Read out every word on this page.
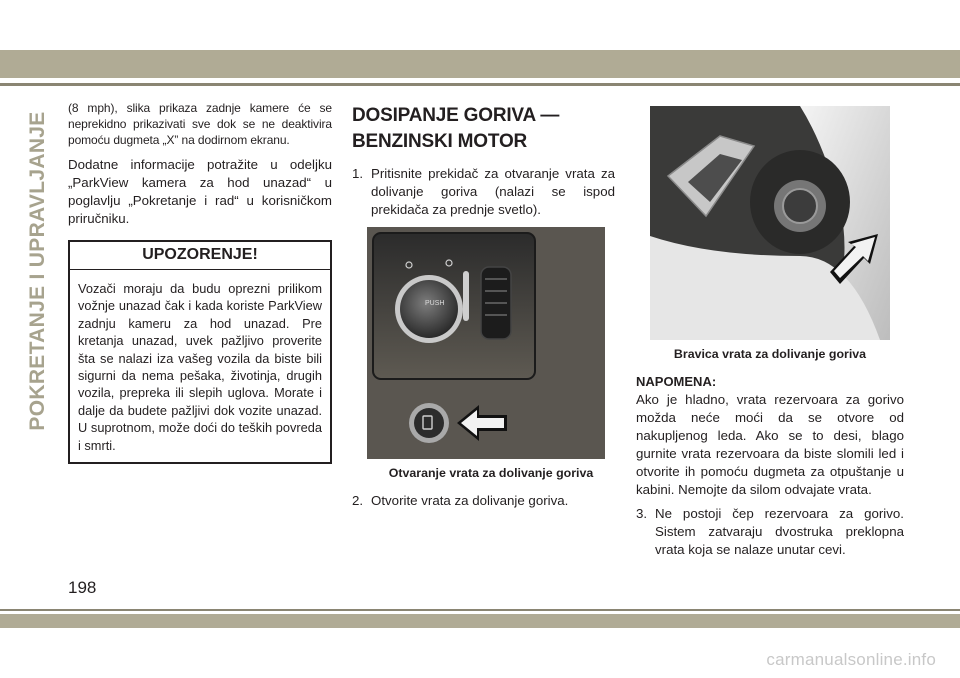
POKRETANJE I UPRAVLJANJE

(8 mph), slika prikaza zadnje kamere će se neprekidno prikazivati sve dok se ne deaktivira pomoću dugmeta „X” na dodirnom ekranu.

Dodatne informacije potražite u odeljku „ParkView kamera za hod unazad“ u poglavlju „Pokretanje i rad“ u korisničkom priručniku.

UPOZORENJE!
Vozači moraju da budu oprezni prilikom vožnje unazad čak i kada koriste ParkView zadnju kameru za hod unazad. Pre kretanja unazad, uvek pažljivo proverite šta se nalazi iza vašeg vozila da biste bili sigurni da nema pešaka, životinja, drugih vozila, prepreka ili slepih uglova. Morate i dalje da budete pažljivi dok vozite unazad. U suprotnom, može doći do teških povreda i smrti.
DOSIPANJE GORIVA — BENZINSKI MOTOR
1. Pritisnite prekidač za otvaranje vrata za dolivanje goriva (nalazi se ispod prekidača za prednje svetlo).
PUSH
Otvaranje vrata za dolivanje goriva
2. Otvorite vrata za dolivanje goriva.
Bravica vrata za dolivanje goriva
NAPOMENA:

Ako je hladno, vrata rezervoara za gorivo možda neće moći da se otvore od nakupljenog leda. Ako se to desi, blago gurnite vrata rezervoara da biste slomili led i otvorite ih pomoću dugmeta za otpuštanje u kabini. Nemojte da silom odvajate vrata.

3. Ne postoji čep rezervoara za gorivo. Sistem zatvaraju dvostruka preklopna vrata koja se nalaze unutar cevi.
198
carmanualsonline.info
